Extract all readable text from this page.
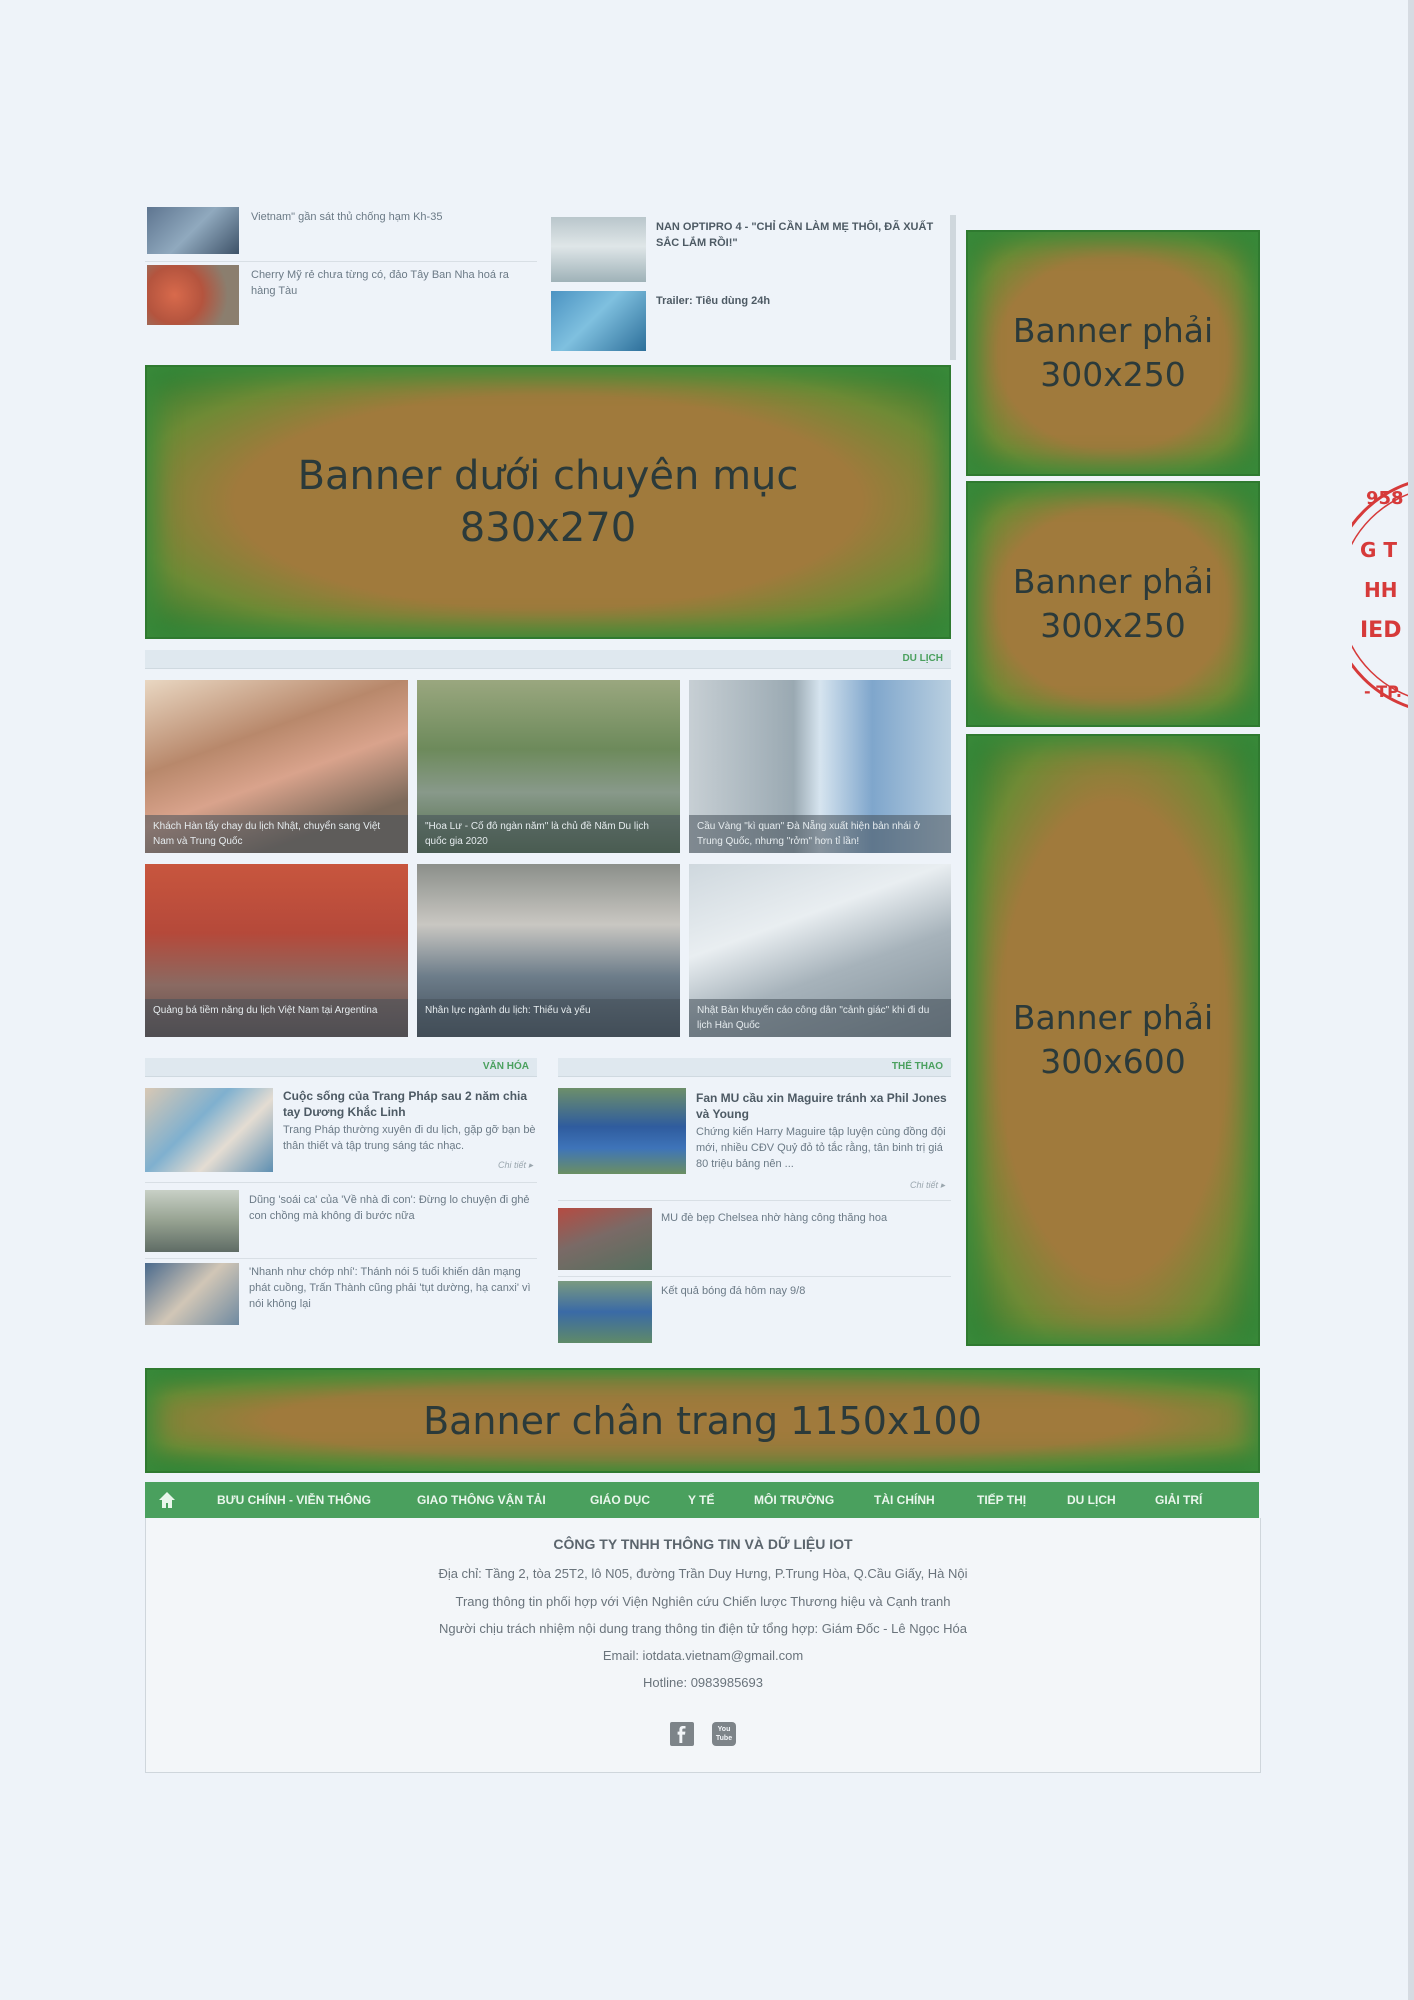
Vietnam" gần sát thủ chống hạm Kh-35
Cherry Mỹ rẻ chưa từng có, đảo Tây Ban Nha hoá ra hàng Tàu
NAN OPTIPRO 4 - "CHỈ CẦN LÀM MẸ THÔI, ĐÃ XUẤT SẮC LẮM RỒI!"
Trailer: Tiêu dùng 24h
Banner dưới chuyên mục
830x270
Banner phải
300x250
Banner phải
300x250
Banner phải
300x600
DU LỊCH
Khách Hàn tẩy chay du lịch Nhật, chuyển sang Việt Nam và Trung Quốc
"Hoa Lư - Cố đô ngàn năm" là chủ đề Năm Du lịch quốc gia 2020
Cầu Vàng "kì quan" Đà Nẵng xuất hiện bản nhái ở Trung Quốc, nhưng "rởm" hơn tỉ lần!
Quảng bá tiềm năng du lịch Việt Nam tại Argentina	Nhân lực ngành du lịch: Thiếu và yếu	Nhật Bản khuyến cáo công dân "cảnh giác" khi đi du lịch Hàn Quốc
VĂN HÓA
Cuộc sống của Trang Pháp sau 2 năm chia tay Dương Khắc Linh
Trang Pháp thường xuyên đi du lịch, gặp gỡ bạn bè thân thiết và tập trung sáng tác nhạc.
Chi tiết ▸
Dũng 'soái ca' của 'Về nhà đi con': Đừng lo chuyện đi ghẻ con chồng mà không đi bước nữa
'Nhanh như chớp nhí': Thánh nói 5 tuổi khiến dân mạng phát cuồng, Trấn Thành cũng phải 'tụt dường, hạ canxi' vì nói không lại
THỂ THAO
Fan MU cầu xin Maguire tránh xa Phil Jones và Young
Chứng kiến Harry Maguire tập luyện cùng đồng đội mới, nhiều CĐV Quỷ đỏ tỏ tắc rằng, tân binh trị giá 80 triệu bảng nên ...
Chi tiết ▸
MU đè bẹp Chelsea nhờ hàng công thăng hoa
Kết quả bóng đá hôm nay 9/8
Banner chân trang 1150x100
BƯU CHÍNH - VIỄN THÔNG	GIAO THÔNG VẬN TẢI	GIÁO DỤC	Y TẾ	MÔI TRƯỜNG	TÀI CHÍNH	TIẾP THỊ	DU LỊCH	GIẢI TRÍ
CÔNG TY TNHH THÔNG TIN VÀ DỮ LIỆU IOT
Địa chỉ: Tầng 2, tòa 25T2, lô N05, đường Trần Duy Hưng, P.Trung Hòa, Q.Cầu Giấy, Hà Nội
Trang thông tin phối hợp với Viện Nghiên cứu Chiến lược Thương hiệu và Cạnh tranh
Người chịu trách nhiệm nội dung trang thông tin điện tử tổng hợp: Giám Đốc - Lê Ngọc Hóa
Email: iotdata.vietnam@gmail.com
Hotline: 0983985693
You
Tube
958
G T
HH
IED
- TP.
